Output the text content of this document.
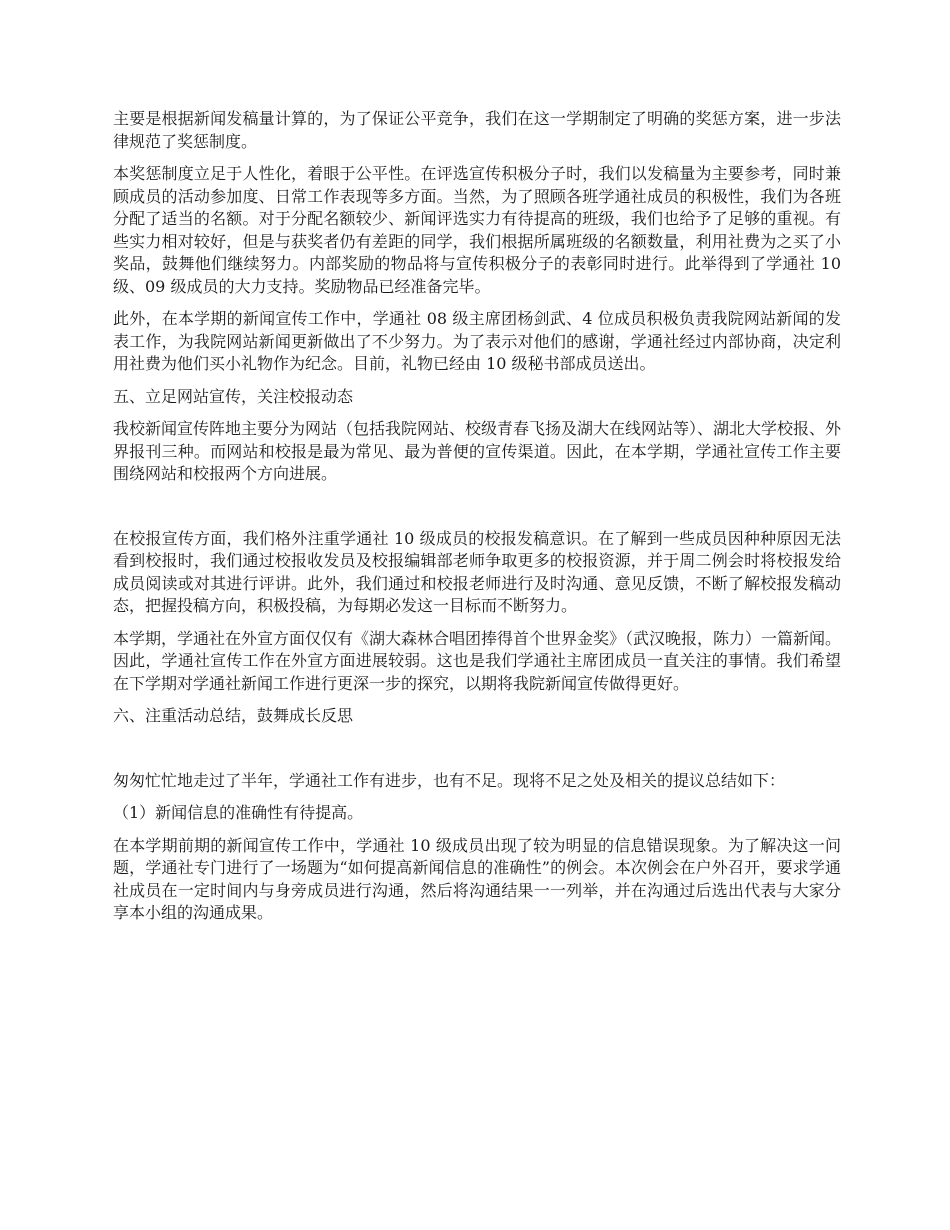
主要是根据新闻发稿量计算的，为了保证公平竞争，我们在这一学期制定了明确的奖惩方案，进一步法律规范了奖惩制度。

本奖惩制度立足于人性化，着眼于公平性。在评选宣传积极分子时，我们以发稿量为主要参考，同时兼顾成员的活动参加度、日常工作表现等多方面。当然，为了照顾各班学通社成员的积极性，我们为各班分配了适当的名额。对于分配名额较少、新闻评选实力有待提高的班级，我们也给予了足够的重视。有些实力相对较好，但是与获奖者仍有差距的同学，我们根据所属班级的名额数量，利用社费为之买了小奖品，鼓舞他们继续努力。内部奖励的物品将与宣传积极分子的表彰同时进行。此举得到了学通社 10 级、09 级成员的大力支持。奖励物品已经准备完毕。

此外，在本学期的新闻宣传工作中，学通社 08 级主席团杨剑武、4 位成员积极负责我院网站新闻的发表工作，为我院网站新闻更新做出了不少努力。为了表示对他们的感谢，学通社经过内部协商，决定利用社费为他们买小礼物作为纪念。目前，礼物已经由 10 级秘书部成员送出。

五、立足网站宣传，关注校报动态

我校新闻宣传阵地主要分为网站（包括我院网站、校级青春飞扬及湖大在线网站等）、湖北大学校报、外界报刊三种。而网站和校报是最为常见、最为普便的宣传渠道。因此，在本学期，学通社宣传工作主要围绕网站和校报两个方向进展。

在校报宣传方面，我们格外注重学通社 10 级成员的校报发稿意识。在了解到一些成员因种种原因无法看到校报时，我们通过校报收发员及校报编辑部老师争取更多的校报资源，并于周二例会时将校报发给成员阅读或对其进行评讲。此外，我们通过和校报老师进行及时沟通、意见反馈，不断了解校报发稿动态，把握投稿方向，积极投稿，为每期必发这一目标而不断努力。

本学期，学通社在外宣方面仅仅有《湖大森林合唱团捧得首个世界金奖》（武汉晚报，陈力）一篇新闻。因此，学通社宣传工作在外宣方面进展较弱。这也是我们学通社主席团成员一直关注的事情。我们希望在下学期对学通社新闻工作进行更深一步的探究，以期将我院新闻宣传做得更好。

六、注重活动总结，鼓舞成长反思

匆匆忙忙地走过了半年，学通社工作有进步，也有不足。现将不足之处及相关的提议总结如下：

（1）新闻信息的准确性有待提高。

在本学期前期的新闻宣传工作中，学通社 10 级成员出现了较为明显的信息错误现象。为了解决这一问题，学通社专门进行了一场题为“如何提高新闻信息的准确性”的例会。本次例会在户外召开，要求学通社成员在一定时间内与身旁成员进行沟通，然后将沟通结果一一列举，并在沟通过后选出代表与大家分享本小组的沟通成果。
